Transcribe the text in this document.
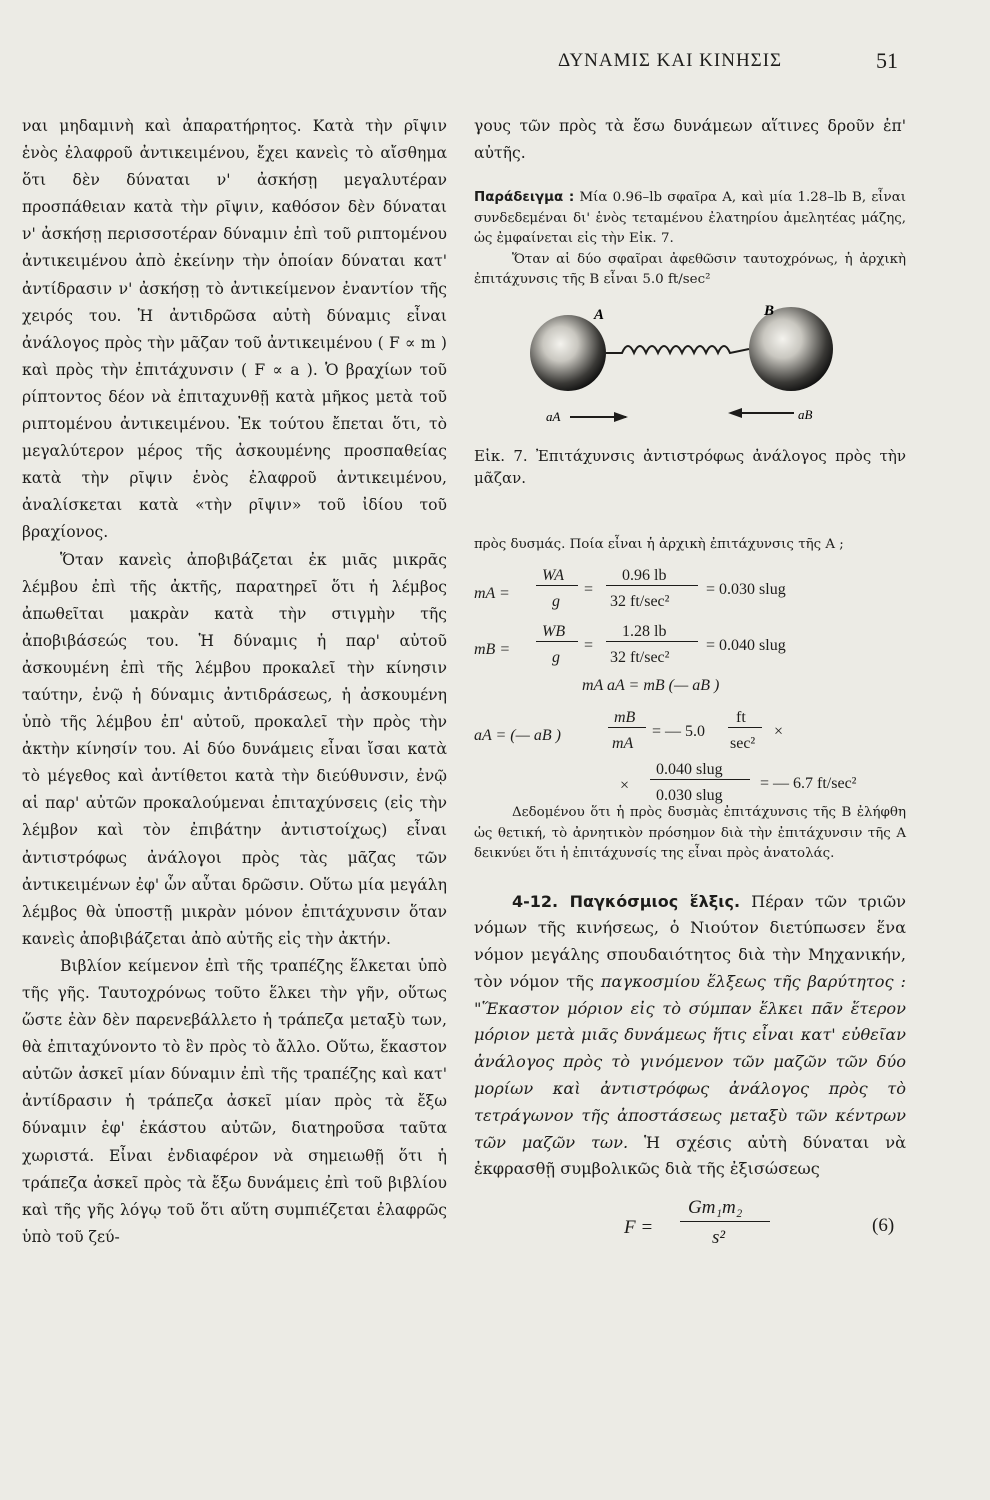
ΔΥΝΑΜΙΣ ΚΑΙ ΚΙΝΗΣΙΣ	51

ναι μηδαμινὴ καὶ ἀπαρατήρητος. Κατὰ τὴν ρῖψιν ἑνὸς ἐλαφροῦ ἀντικειμένου, ἔχει κανεὶς τὸ αἴσθημα ὅτι δὲν δύναται ν' ἀσκήσῃ μεγαλυτέραν προσπάθειαν κατὰ τὴν ρῖψιν, καθόσον δὲν δύναται ν' ἀσκήσῃ περισσοτέραν δύναμιν ἐπὶ τοῦ ριπτομένου ἀντικειμένου ἀπὸ ἐκείνην τὴν ὁποίαν δύναται κατ' ἀντίδρασιν ν' ἀσκήσῃ τὸ ἀντικείμενον ἐναντίον τῆς χειρός του. Ἡ ἀντιδρῶσα αὐτὴ δύναμις εἶναι ἀνάλογος πρὸς τὴν μᾶζαν τοῦ ἀντικειμένου ( F ∝ m ) καὶ πρὸς τὴν ἐπιτάχυνσιν ( F ∝ a ). Ὁ βραχίων τοῦ ρίπτοντος δέον νὰ ἐπιταχυνθῇ κατὰ μῆκος μετὰ τοῦ ριπτομένου ἀντικειμένου. Ἐκ τούτου ἔπεται ὅτι, τὸ μεγαλύτερον μέρος τῆς ἀσκουμένης προσπαθείας κατὰ τὴν ρῖψιν ἑνὸς ἐλαφροῦ ἀντικειμένου, ἀναλίσκεται κατὰ «τὴν ρῖψιν» τοῦ ἰδίου τοῦ βραχίονος.

Ὅταν κανεὶς ἀποβιβάζεται ἐκ μιᾶς μικρᾶς λέμβου ἐπὶ τῆς ἀκτῆς, παρατηρεῖ ὅτι ἡ λέμβος ἀπωθεῖται μακρὰν κατὰ τὴν στιγμὴν τῆς ἀποβιβάσεώς του. Ἡ δύναμις ἡ παρ' αὐτοῦ ἀσκουμένη ἐπὶ τῆς λέμβου προκαλεῖ τὴν κίνησιν ταύτην, ἐνῷ ἡ δύναμις ἀντιδράσεως, ἡ ἀσκουμένη ὑπὸ τῆς λέμβου ἐπ' αὐτοῦ, προκαλεῖ τὴν πρὸς τὴν ἀκτὴν κίνησίν του. Αἱ δύο δυνάμεις εἶναι ἴσαι κατὰ τὸ μέγεθος καὶ ἀντίθετοι κατὰ τὴν διεύθυνσιν, ἐνῷ αἱ παρ' αὐτῶν προκαλούμεναι ἐπιταχύνσεις (εἰς τὴν λέμβον καὶ τὸν ἐπιβάτην ἀντιστοίχως) εἶναι ἀντιστρόφως ἀνάλογοι πρὸς τὰς μᾶζας τῶν ἀντικειμένων ἐφ' ὧν αὗται δρῶσιν. Οὕτω μία μεγάλη λέμβος θὰ ὑποστῇ μικρὰν μόνον ἐπιτάχυνσιν ὅταν κανεὶς ἀποβιβάζεται ἀπὸ αὐτῆς εἰς τὴν ἀκτήν.

Βιβλίον κείμενον ἐπὶ τῆς τραπέζης ἕλκεται ὑπὸ τῆς γῆς. Ταυτοχρόνως τοῦτο ἕλκει τὴν γῆν, οὕτως ὥστε ἐὰν δὲν παρενεβάλλετο ἡ τράπεζα μεταξὺ των, θὰ ἐπιταχύνοντο τὸ ἓν πρὸς τὸ ἄλλο. Οὕτω, ἕκαστον αὐτῶν ἀσκεῖ μίαν δύναμιν ἐπὶ τῆς τραπέζης καὶ κατ' ἀντίδρασιν ἡ τράπεζα ἀσκεῖ μίαν πρὸς τὰ ἔξω δύναμιν ἐφ' ἑκάστου αὐτῶν, διατηροῦσα ταῦτα χωριστά. Εἶναι ἐνδιαφέρον νὰ σημειωθῇ ὅτι ἡ τράπεζα ἀσκεῖ πρὸς τὰ ἔξω δυνάμεις ἐπὶ τοῦ βιβλίου καὶ τῆς γῆς λόγῳ τοῦ ὅτι αὕτη συμπιέζεται ἐλαφρῶς ὑπὸ τοῦ ζεύ-

γους τῶν πρὸς τὰ ἔσω δυνάμεων αἵτινες δροῦν ἐπ' αὐτῆς.

Παράδειγμα : Μία 0.96–lb σφαῖρα A, καὶ μία 1.28–lb B, εἶναι συνδεδεμέναι δι' ἑνὸς τεταμένου ἐλατηρίου ἀμελητέας μάζης, ὡς ἐμφαίνεται εἰς τὴν Εἰκ. 7.

Ὅταν αἱ δύο σφαῖραι ἀφεθῶσιν ταυτοχρόνως, ἡ ἀρχικὴ ἐπιτάχυνσις τῆς B εἶναι 5.0 ft/sec²

A	B
aA	aB

Εἰκ. 7. Ἐπιτάχυνσις ἀντιστρόφως ἀνάλογος πρὸς τὴν μᾶζαν.

πρὸς δυσμάς. Ποία εἶναι ἡ ἀρχικὴ ἐπιτάχυνσις τῆς A ;

mA =
WA
g
=
0.96 lb
32 ft/sec²
= 0.030 slug
mB =
WB
g
=
1.28 lb
32 ft/sec²
= 0.040 slug
mA aA = mB (— aB )
aA = (— aB )
mB
mA
= — 5.0
ft
sec²
×
×
0.040 slug
0.030 slug
= — 6.7 ft/sec²

Δεδομένου ὅτι ἡ πρὸς δυσμὰς ἐπιτάχυνσις τῆς B ἐλήφθη ὡς θετική, τὸ ἀρνητικὸν πρόσημον διὰ τὴν ἐπιτάχυνσιν τῆς A δεικνύει ὅτι ἡ ἐπιτάχυνσίς της εἶναι πρὸς ἀνατολάς.

4-12. Παγκόσμιος ἕλξις. Πέραν τῶν τριῶν νόμων τῆς κινήσεως, ὁ Νιούτον διετύπωσεν ἕνα νόμον μεγάλης σπουδαιότητος διὰ τὴν Μηχανικήν, τὸν νόμον τῆς παγκοσμίου ἕλξεως τῆς βαρύτητος : "Ἕκαστον μόριον εἰς τὸ σύμπαν ἕλκει πᾶν ἕτερον μόριον μετὰ μιᾶς δυνάμεως ἥτις εἶναι κατ' εὐθεῖαν ἀνάλογος πρὸς τὸ γινόμενον τῶν μαζῶν τῶν δύο μορίων καὶ ἀντιστρόφως ἀνάλογος πρὸς τὸ τετράγωνον τῆς ἀποστάσεως μεταξὺ τῶν κέντρων τῶν μαζῶν των. Ἡ σχέσις αὐτὴ δύναται νὰ ἐκφρασθῇ συμβολικῶς διὰ τῆς ἐξισώσεως

F =
Gm₁m₂
s²
(6)
